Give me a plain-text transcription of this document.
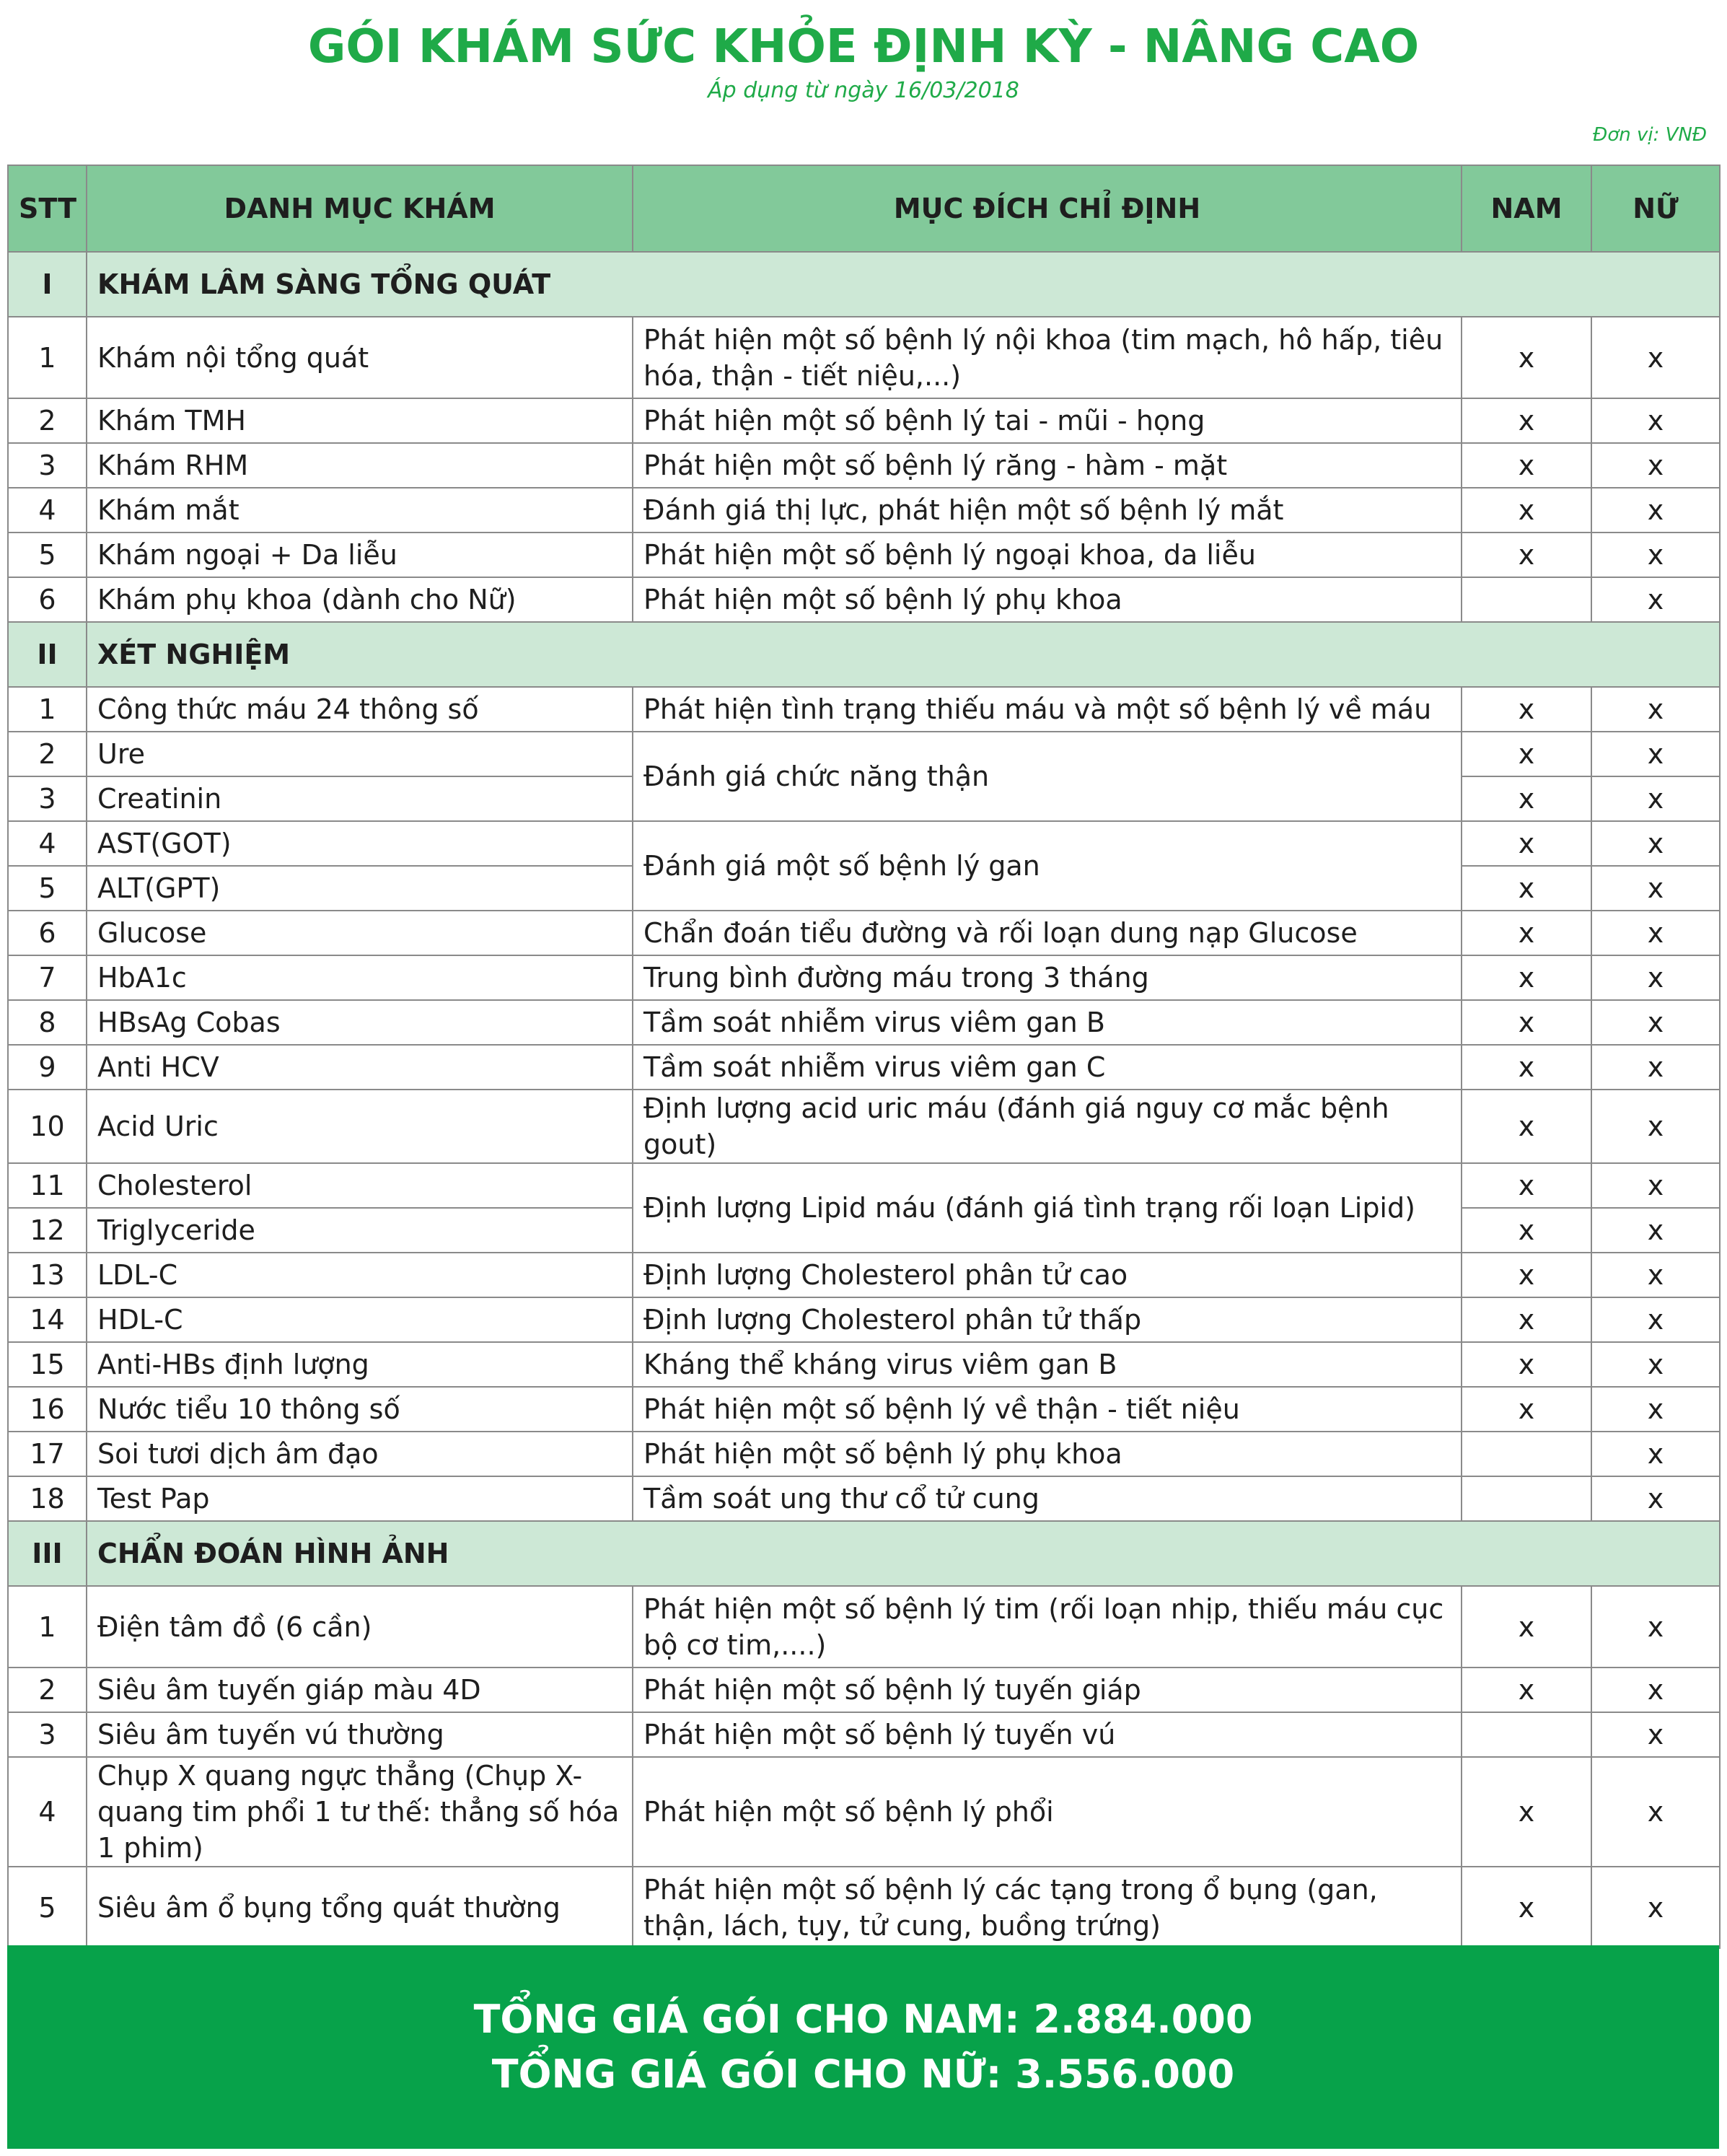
GÓI KHÁM SỨC KHỎE ĐỊNH KỲ - NÂNG CAO
Áp dụng từ ngày 16/03/2018
Đơn vị: VNĐ
STT	DANH MỤC KHÁM	MỤC ĐÍCH CHỈ ĐỊNH	NAM	NỮ
I	KHÁM LÂM SÀNG TỔNG QUÁT			
1	Khám nội tổng quát	Phát hiện một số bệnh lý nội khoa (tim mạch, hô hấp, tiêu hóa, thận - tiết niệu,...)	x	x
2	Khám TMH	Phát hiện một số bệnh lý tai - mũi - họng	x	x
3	Khám RHM	Phát hiện một số bệnh lý răng - hàm - mặt	x	x
4	Khám mắt	Đánh giá thị lực, phát hiện một số bệnh lý mắt	x	x
5	Khám ngoại + Da liễu	Phát hiện một số bệnh lý ngoại khoa, da liễu	x	x
6	Khám phụ khoa (dành cho Nữ)	Phát hiện một số bệnh lý phụ khoa		x
II	XÉT NGHIỆM			
1	Công thức máu 24 thông số	Phát hiện tình trạng thiếu máu và một số bệnh lý về máu	x	x
2	Ure	Đánh giá chức năng thận	x	x
3	Creatinin		x	x
4	AST(GOT)	Đánh giá một số bệnh lý gan	x	x
5	ALT(GPT)		x	x
6	Glucose	Chẩn đoán tiểu đường và rối loạn dung nạp Glucose	x	x
7	HbA1c	Trung bình đường máu trong 3 tháng	x	x
8	HBsAg Cobas	Tầm soát nhiễm virus viêm gan B	x	x
9	Anti HCV	Tầm soát nhiễm virus viêm gan C	x	x
10	Acid Uric	Định lượng acid uric máu (đánh giá nguy cơ mắc bệnh gout)	x	x
11	Cholesterol	Định lượng Lipid máu (đánh giá tình trạng rối loạn Lipid)	x	x
12	Triglyceride		x	x
13	LDL-C	Định lượng Cholesterol phân tử cao	x	x
14	HDL-C	Định lượng Cholesterol phân tử thấp	x	x
15	Anti-HBs định lượng	Kháng thể kháng virus viêm gan B	x	x
16	Nước tiểu 10 thông số	Phát hiện một số bệnh lý về thận - tiết niệu	x	x
17	Soi tươi dịch âm đạo	Phát hiện một số bệnh lý phụ khoa		x
18	Test Pap	Tầm soát ung thư cổ tử cung		x
III	CHẨN ĐOÁN HÌNH ẢNH			
1	Điện tâm đồ (6 cần)	Phát hiện một số bệnh lý tim (rối loạn nhịp, thiếu máu cục bộ cơ tim,....)	x	x
2	Siêu âm tuyến giáp màu 4D	Phát hiện một số bệnh lý tuyến giáp	x	x
3	Siêu âm tuyến vú thường	Phát hiện một số bệnh lý tuyến vú		x
4	Chụp X quang ngực thẳng (Chụp X-quang tim phổi 1 tư thế: thẳng số hóa 1 phim)	Phát hiện một số bệnh lý phổi	x	x
5	Siêu âm ổ bụng tổng quát thường	Phát hiện một số bệnh lý các tạng trong ổ bụng (gan, thận, lách, tụy, tử cung, buồng trứng)	x	x
TỔNG GIÁ GÓI CHO NAM: 2.884.000
TỔNG GIÁ GÓI CHO NỮ: 3.556.000
